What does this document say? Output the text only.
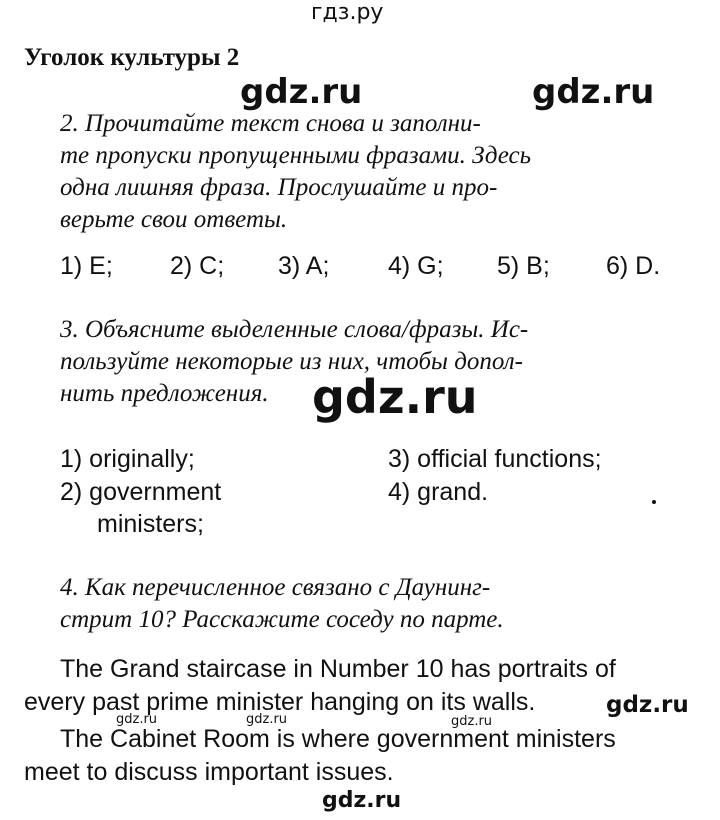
гдз.ру
Уголок культуры 2
gdz.ru	gdz.ru
2. Прочитайте текст снова и заполни-
те пропуски пропущенными фразами. Здесь
одна лишняя фраза. Прослушайте и про-
верьте свои ответы.
1) E; 2) C; 3) A; 4) G; 5) B; 6) D.
3. Объясните выделенные слова/фразы. Ис-
пользуйте некоторые из них, чтобы допол-
нить предложения. gdz.ru
1) originally;	3) official functions;
2) government	4) grand.
ministers;
4. Как перечисленное связано с Даунинг-
стрит 10? Расскажите соседу по парте.
The Grand staircase in Number 10 has portraits of
every past prime minister hanging on its walls.	gdz.ru
gdz.ru	gdz.ru	gdz.ru
The Cabinet Room is where government ministers
meet to discuss important issues.
gdz.ru
